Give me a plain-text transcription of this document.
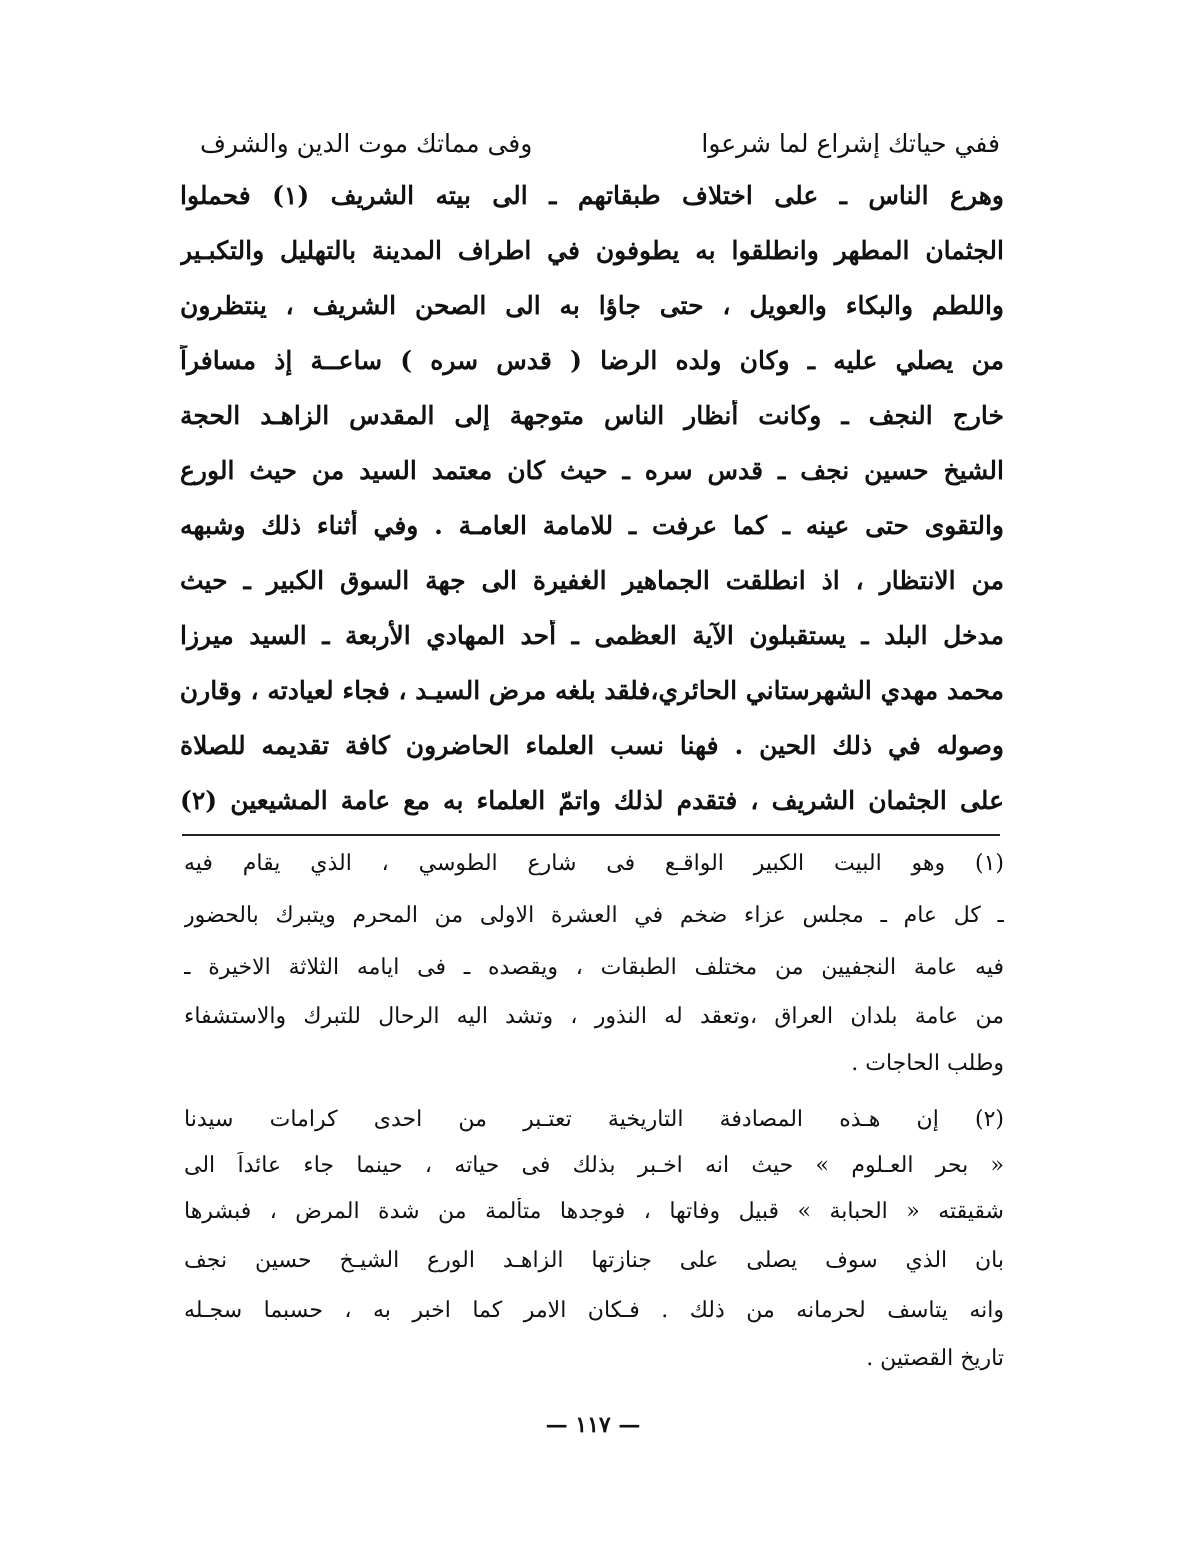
ففي حياتك إشراع لما شرعوا
وفى مماتك موت الدين والشرف
وهرع الناس ـ على اختلاف طبقاتهم ـ الى بيته الشريف (١) فحملوا
الجثمان المطهر وانطلقوا به يطوفون في اطراف المدينة بالتهليل والتكبـير
واللطم والبكاء والعويل ، حتى جاؤا به الى الصحن الشريف ، ينتظرون
من يصلي عليه ـ وكان ولده الرضا ( قدس سره ) ساعــة إذ مسافراً
خارج النجف ـ وكانت أنظار الناس متوجهة إلى المقدس الزاهـد الحجة
الشيخ حسين نجف ـ قدس سره ـ حيث كان معتمد السيد من حيث الورع
والتقوى حتى عينه ـ كما عرفت ـ للامامة العامـة . وفي أثناء ذلك وشبهه
من الانتظار ، اذ انطلقت الجماهير الغفيرة الى جهة السوق الكبير ـ حيث
مدخل البلد ـ يستقبلون الآية العظمى ـ أحد المهادي الأربعة ـ السيد ميرزا
محمد مهدي الشهرستاني الحائري،فلقد بلغه مرض السيـد ، فجاء لعيادته ، وقارن
وصوله في ذلك الحين . فهنا نسب العلماء الحاضرون كافة تقديمه للصلاة
على الجثمان الشريف ، فتقدم لذلك واتمّ العلماء به مع عامة المشيعين (٢)
(١) وهو البيت الكبير الواقـع فى شارع الطوسي ، الذي يقام فيه
ـ كل عام ـ مجلس عزاء ضخم في العشرة الاولى من المحرم ويتبرك بالحضور
فيه عامة النجفيين من مختلف الطبقات ، ويقصده ـ فى ايامه الثلاثة الاخيرة ـ
من عامة بلدان العراق ،وتعقد له النذور ، وتشد اليه الرحال للتبرك والاستشفاء
وطلب الحاجات .
(٢) إن هـذه المصادفة التاريخية تعتـبر من احدى كرامات سيدنا
« بحر العـلوم » حيث انه اخـبر بذلك فى حياته ، حينما جاء عائداً الى
شقيقته « الحبابة » قبيل وفاتها ، فوجدها متألمة من شدة المرض ، فبشرها
بان الذي سوف يصلى على جنازتها الزاهـد الورع الشيـخ حسين نجف
وانه يتاسف لحرمانه من ذلك . فـكان الامر كما اخبر به ، حسبما سجـله
تاريخ القصتين .
— ١١٧ —
